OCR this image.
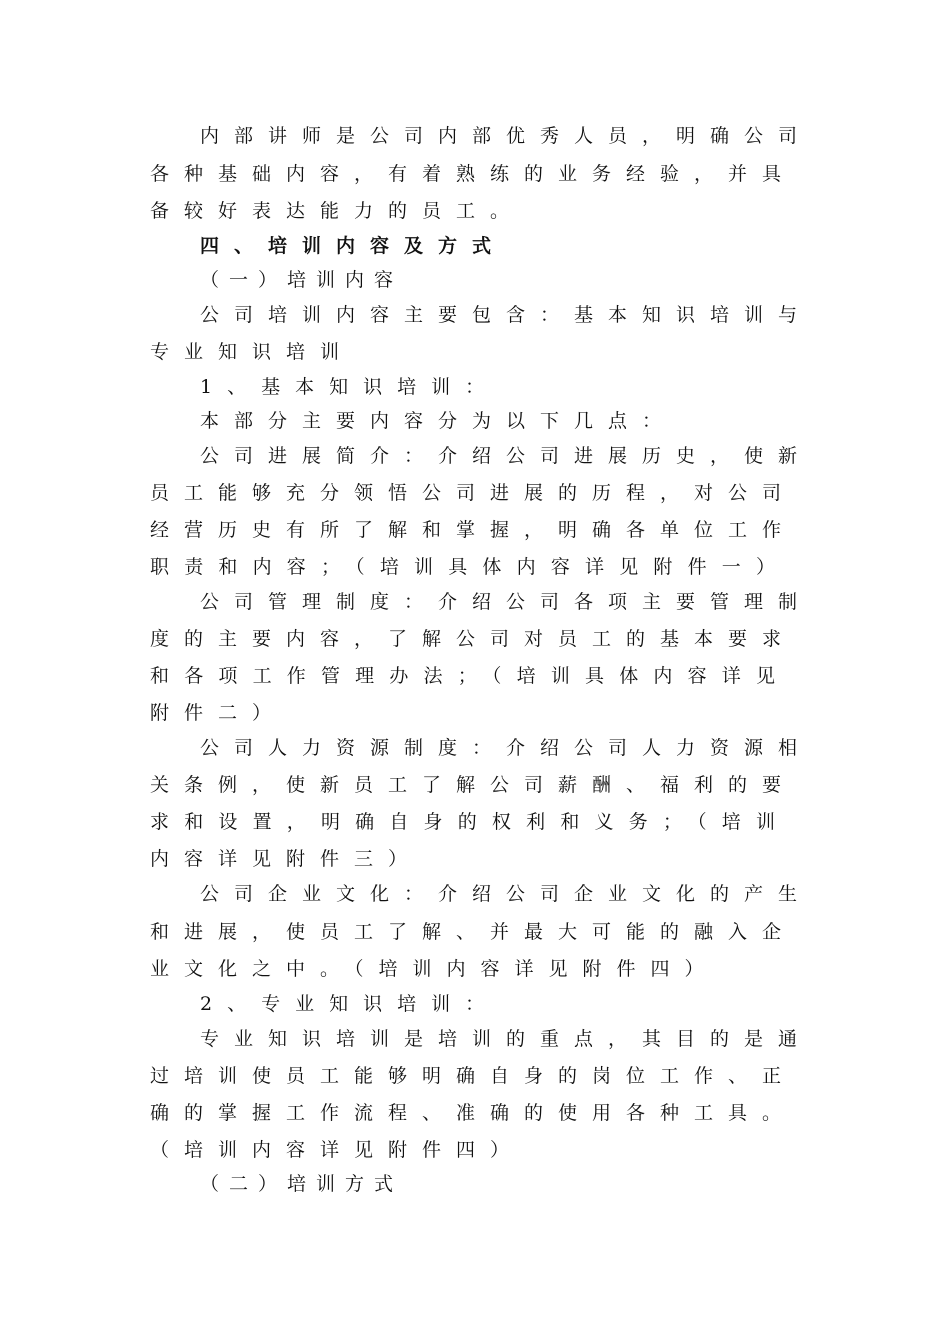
内部讲师是公司内部优秀人员，明确公司
各种基础内容，有着熟练的业务经验，并具
备较好表达能力的员工。
四、培训内容及方式
（一）培训内容
公司培训内容主要包含：基本知识培训与
专业知识培训
1、基本知识培训：
本部分主要内容分为以下几点：
公司进展简介：介绍公司进展历史，使新
员工能够充分领悟公司进展的历程，对公司
经营历史有所了解和掌握，明确各单位工作
职责和内容；（培训具体内容详见附件一）
公司管理制度：介绍公司各项主要管理制
度的主要内容，了解公司对员工的基本要求
和各项工作管理办法；（培训具体内容详见
附件二）
公司人力资源制度：介绍公司人力资源相
关条例，使新员工了解公司薪酬、福利的要
求和设置，明确自身的权利和义务；（培训
内容详见附件三）
公司企业文化：介绍公司企业文化的产生
和进展，使员工了解、并最大可能的融入企
业文化之中。（培训内容详见附件四）
2、专业知识培训：
专业知识培训是培训的重点，其目的是通
过培训使员工能够明确自身的岗位工作、正
确的掌握工作流程、准确的使用各种工具。
（培训内容详见附件四）
（二）培训方式
